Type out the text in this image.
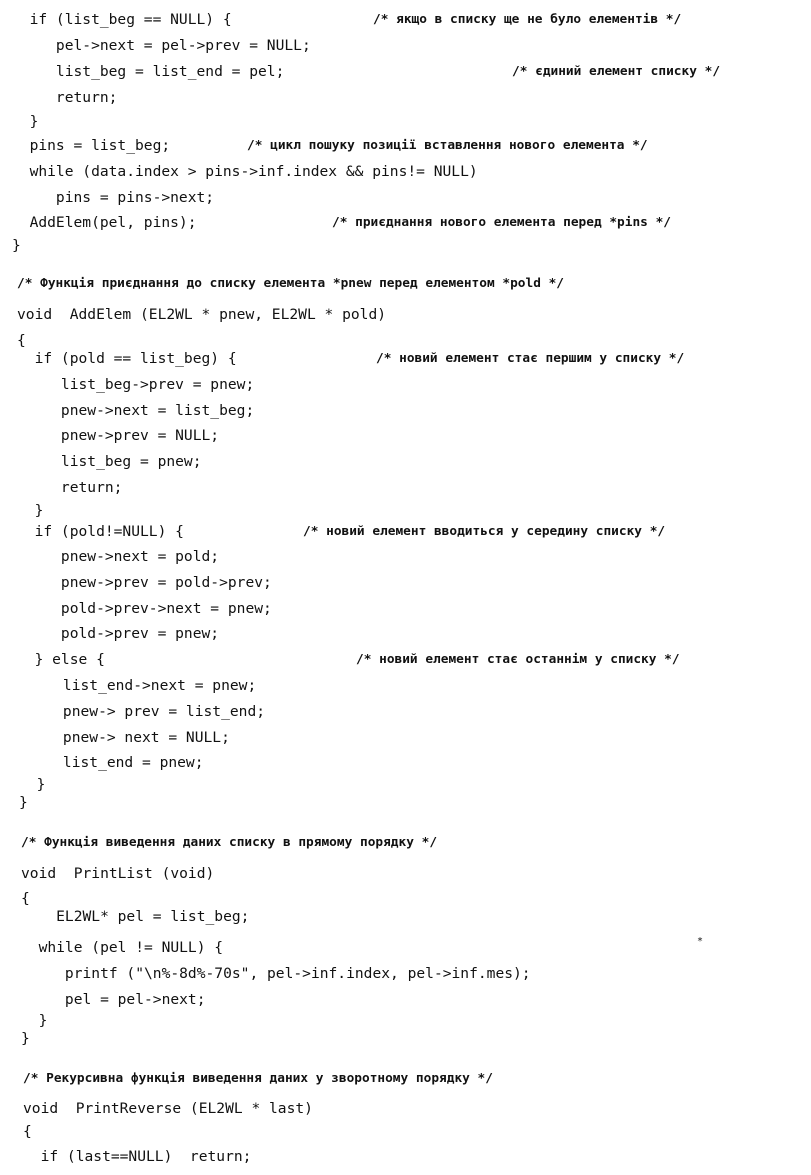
if (list_beg == NULL) {	/* якщо в списку ще не було елементів */
pel->next = pel->prev = NULL;
list_beg = list_end = pel;	/* єдиний елемент списку */
return;
}
pins = list_beg;	/* цикл пошуку позиції вставлення нового елемента */
while (data.index > pins->inf.index && pins!= NULL)
pins = pins->next;
AddElem(pel, pins);	/* приєднання нового елемента перед *pins */
}
/* Функція приєднання до списку елемента *pnew перед елементом *pold */
void  AddElem (EL2WL * pnew, EL2WL * pold)
{
if (pold == list_beg) {	/* новий елемент стає першим у списку */
list_beg->prev = pnew;
pnew->next = list_beg;
pnew->prev = NULL;
list_beg = pnew;
return;
}
if (pold!=NULL) {	/* новий елемент вводиться у середину списку */
pnew->next = pold;
pnew->prev = pold->prev;
pold->prev->next = pnew;
pold->prev = pnew;
} else {	/* новий елемент стає останнім у списку */
list_end->next = pnew;
pnew-> prev = list_end;
pnew-> next = NULL;
list_end = pnew;
}
}
/* Функція виведення даних списку в прямому порядку */
void  PrintList (void)
{
EL2WL* pel = list_beg;
while (pel != NULL) {
printf ("\n%-8d%-70s", pel->inf.index, pel->inf.mes);
pel = pel->next;
}
}
/* Рекурсивна функція виведення даних у зворотному порядку */
void  PrintReverse (EL2WL * last)
{
if (last==NULL)  return;
*
